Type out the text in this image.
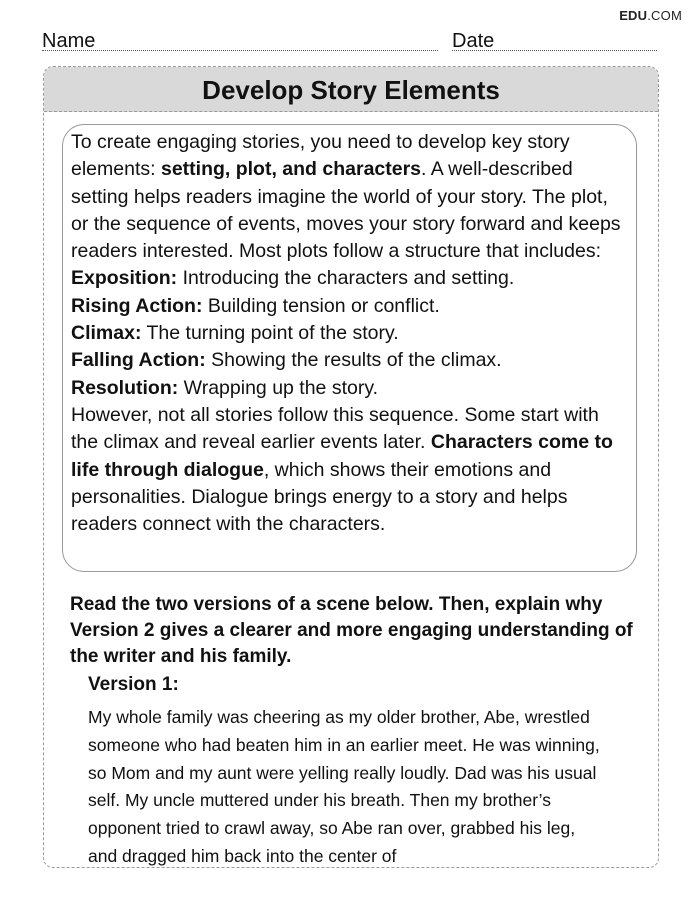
EDU.COM
Name	Date
Develop Story Elements

To create engaging stories, you need to develop key story elements: setting, plot, and characters. A well-described setting helps readers imagine the world of your story. The plot, or the sequence of events, moves your story forward and keeps readers interested. Most plots follow a structure that includes:

Exposition: Introducing the characters and setting.

Rising Action: Building tension or conflict.

Climax: The turning point of the story.

Falling Action: Showing the results of the climax.

Resolution: Wrapping up the story.

However, not all stories follow this sequence. Some start with the climax and reveal earlier events later. Characters come to life through dialogue, which shows their emotions and personalities. Dialogue brings energy to a story and helps readers connect with the characters.

Read the two versions of a scene below. Then, explain why Version 2 gives a clearer and more engaging understanding of the writer and his family.
Version 1:
My whole family was cheering as my older brother, Abe, wrestled someone who had beaten him in an earlier meet. He was winning, so Mom and my aunt were yelling really loudly. Dad was his usual self. My uncle muttered under his breath. Then my brother’s opponent tried to crawl away, so Abe ran over, grabbed his leg, and dragged him back into the center of
